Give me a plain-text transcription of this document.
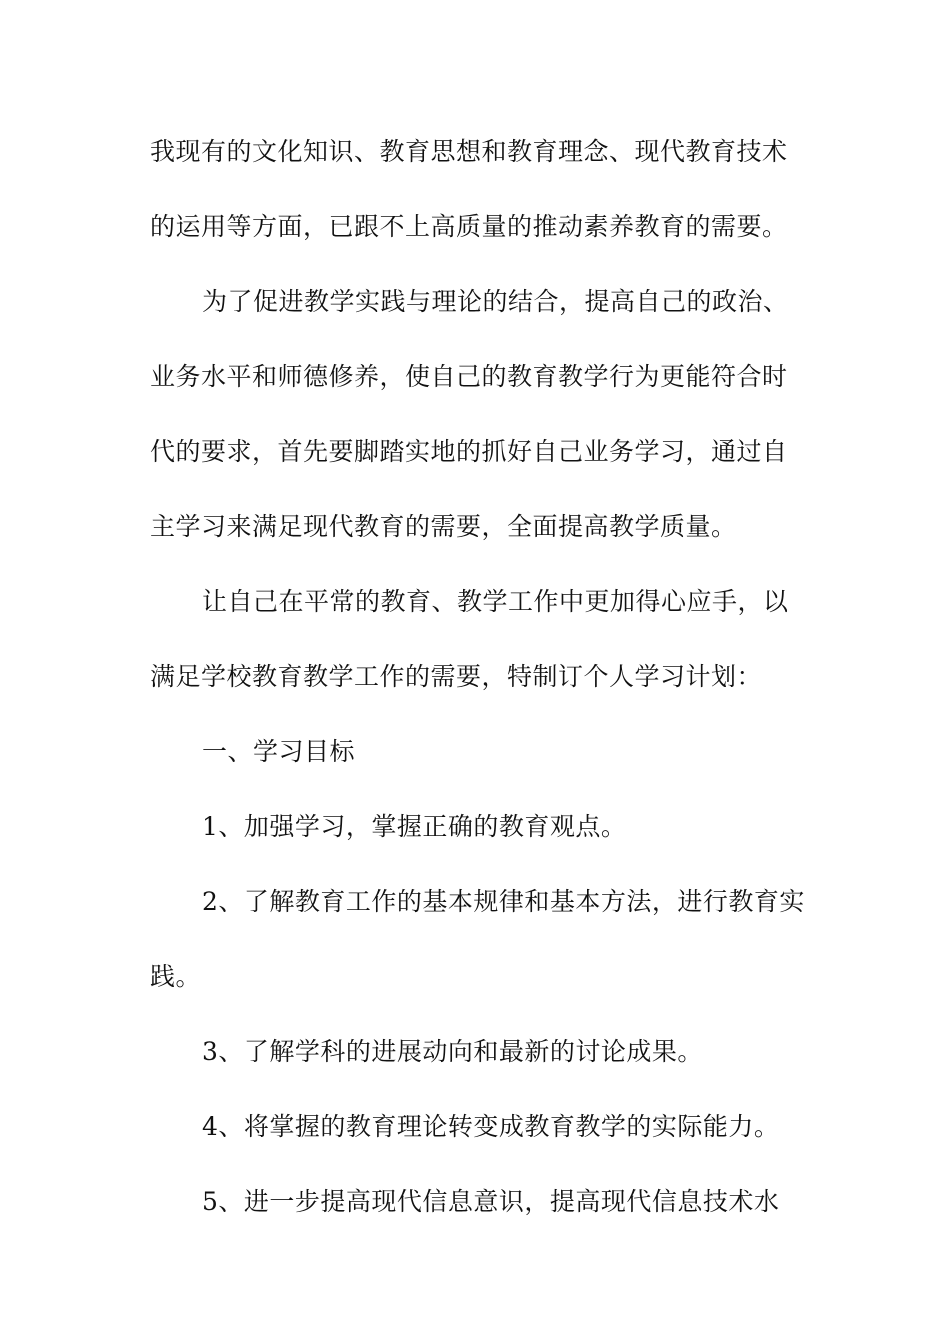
我现有的文化知识、教育思想和教育理念、现代教育技术
的运用等方面，已跟不上高质量的推动素养教育的需要。
为了促进教学实践与理论的结合，提高自己的政治、
业务水平和师德修养，使自己的教育教学行为更能符合时
代的要求，首先要脚踏实地的抓好自己业务学习，通过自
主学习来满足现代教育的需要，全面提高教学质量。
让自己在平常的教育、教学工作中更加得心应手，以
满足学校教育教学工作的需要，特制订个人学习计划：
一、学习目标
1、加强学习，掌握正确的教育观点。
2、了解教育工作的基本规律和基本方法，进行教育实
践。
3、了解学科的进展动向和最新的讨论成果。
4、将掌握的教育理论转变成教育教学的实际能力。
5、进一步提高现代信息意识，提高现代信息技术水
